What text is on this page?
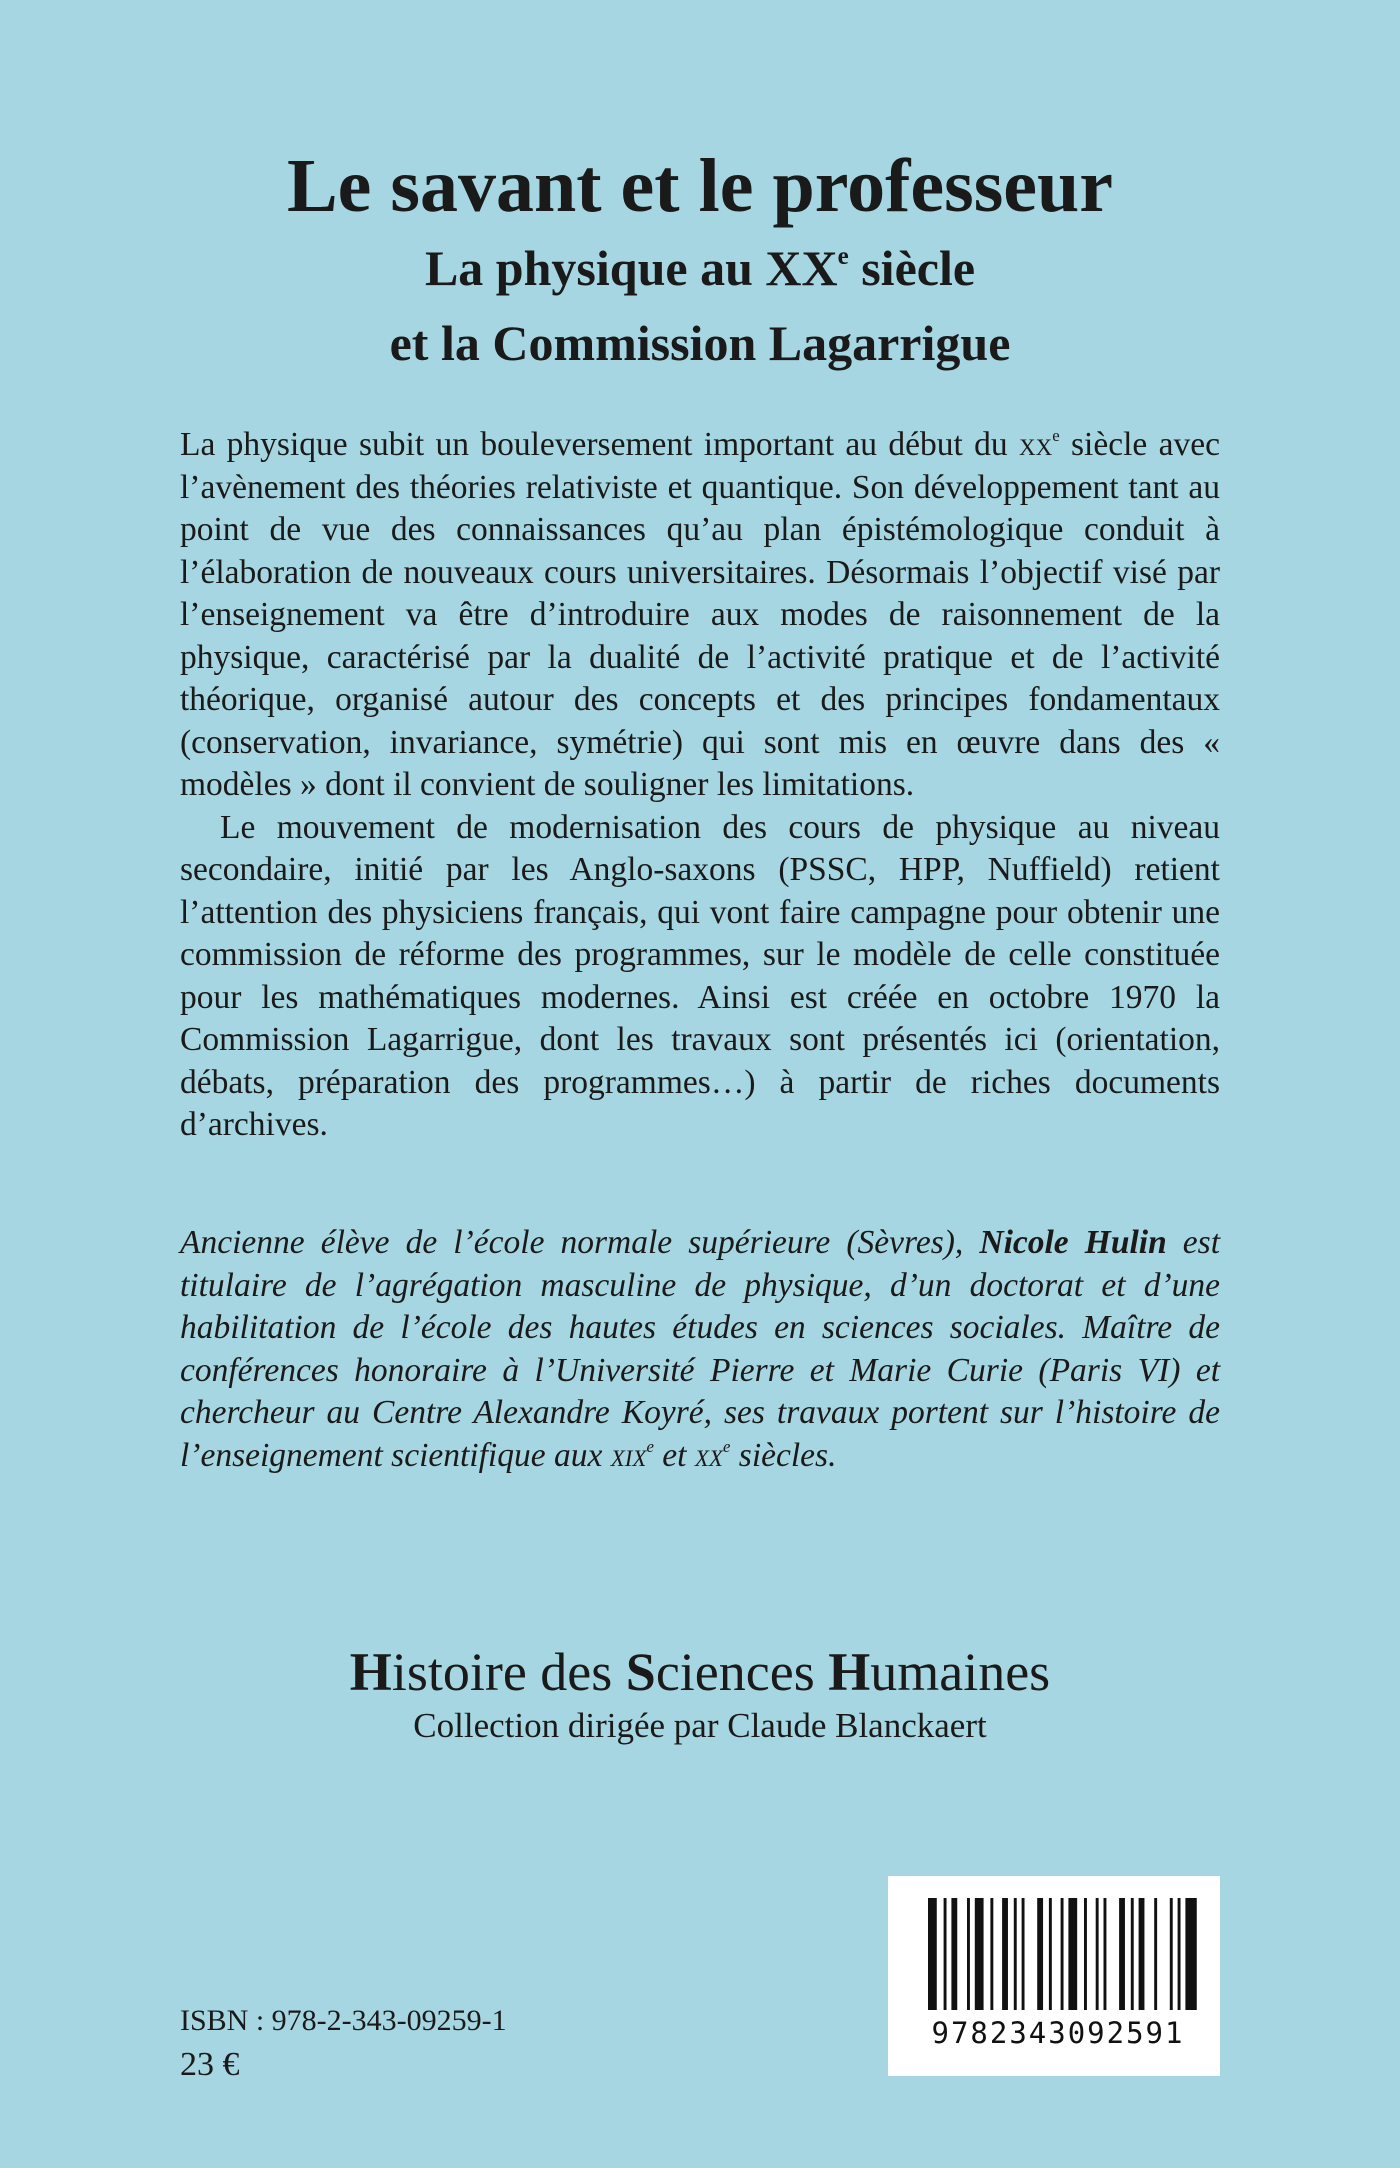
Le savant et le professeur
La physique au XXe siècle
et la Commission Lagarrigue

La physique subit un bouleversement important au début du $xx^e$ siècle avec l’avènement des théories relativiste et quantique. Son développement tant au point de vue des connaissances qu’au plan épistémologique conduit à l’élaboration de nouveaux cours universitaires. Désormais l’objectif visé par l’enseignement va être d’introduire aux modes de raisonnement de la physique, caractérisé par la dualité de l’activité pratique et de l’activité théorique, organisé autour des concepts et des principes fondamentaux (conservation, invariance, symétrie) qui sont mis en œuvre dans des « modèles » dont il convient de souligner les limitations.

Le mouvement de modernisation des cours de physique au niveau secondaire, initié par les Anglo-saxons (PSSC, HPP, Nuffield) retient l’attention des physiciens français, qui vont faire campagne pour obtenir une commission de réforme des programmes, sur le modèle de celle constituée pour les mathématiques modernes. Ainsi est créée en octobre 1970 la Commission Lagarrigue, dont les travaux sont présentés ici (orientation, débats, préparation des programmes…) à partir de riches documents d’archives.

Ancienne élève de l’école normale supérieure (Sèvres), Nicole Hulin est titulaire de l’agrégation masculine de physique, d’un doctorat et d’une habilitation de l’école des hautes études en sciences sociales. Maître de conférences honoraire à l’Université Pierre et Marie Curie (Paris VI) et chercheur au Centre Alexandre Koyré, ses travaux portent sur l’histoire de l’enseignement scientifique aux xix$^e$ et $xx^e$ siècles.
Histoire des Sciences Humaines
Collection dirigée par Claude Blanckaert
9782343092591
ISBN : 978-2-343-09259-1
23 €
